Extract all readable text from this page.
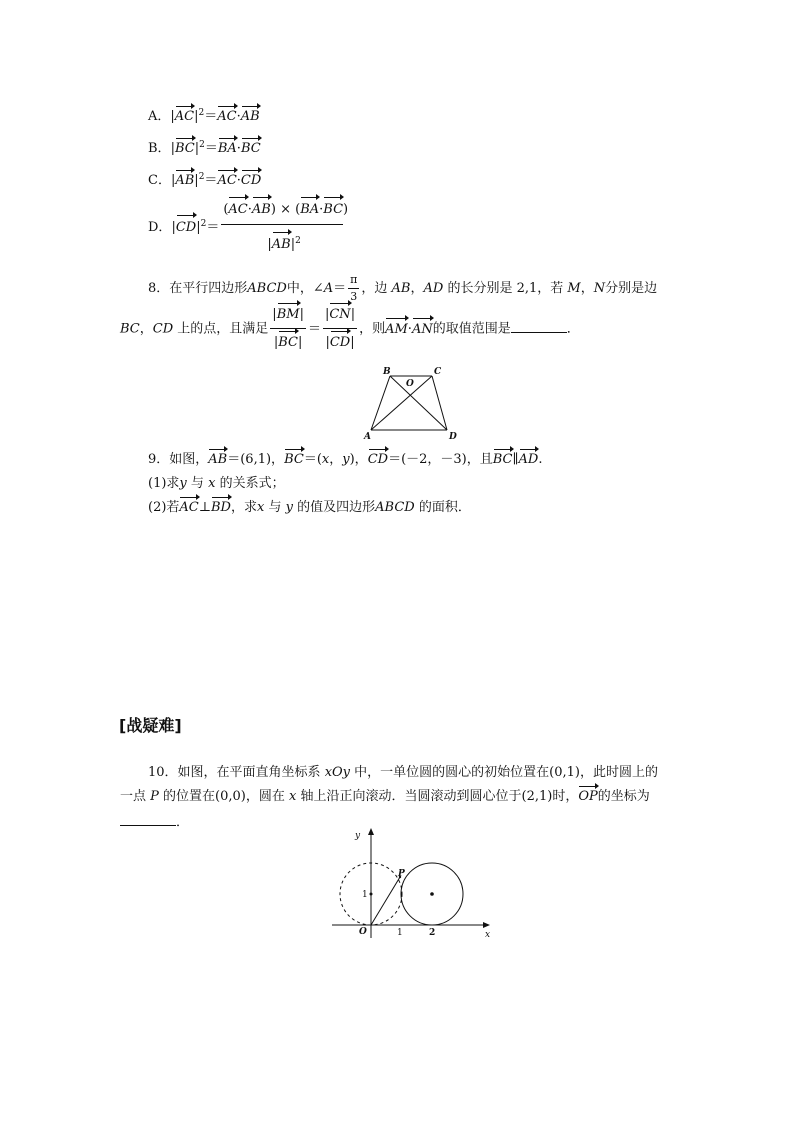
A．$|AC|^2=AC\cdot AB$
B．$|BC|^2=BA\cdot BC$
C．$|AB|^2=AC\cdot CD$
D．$|CD|^2= \frac{(AC\cdot AB) \times (BA\cdot BC)}{|AB|^2}$
8．在平行四边形ABCD中，∠A＝ $\frac{\pi}{3}$ ，边 AB，AD 的长分别是 2,1，若 M，N分别是边
BC，CD 上的点，且满足 $\frac{|BM|}{|BC|} = \frac{|CN|}{|CD|}$ ，则AM·AN的取值范围是	．
B	C
O
A	D
9．如图，AB＝(6,1)，BC＝(x，y)，CD＝(－2，－3)，且BC∥AD.
(1)求y 与 x 的关系式；
(2)若AC⊥BD，求x 与 y 的值及四边形ABCD 的面积．
[战疑难]
10．如图，在平面直角坐标系 xOy 中，一单位圆的圆心的初始位置在(0,1)，此时圆上的
一点 P 的位置在(0,0)，圆在 x 轴上沿正向滚动．当圆滚动到圆心位于(2,1)时，OP的坐标为
．
y
x
O
1
1	2
P
